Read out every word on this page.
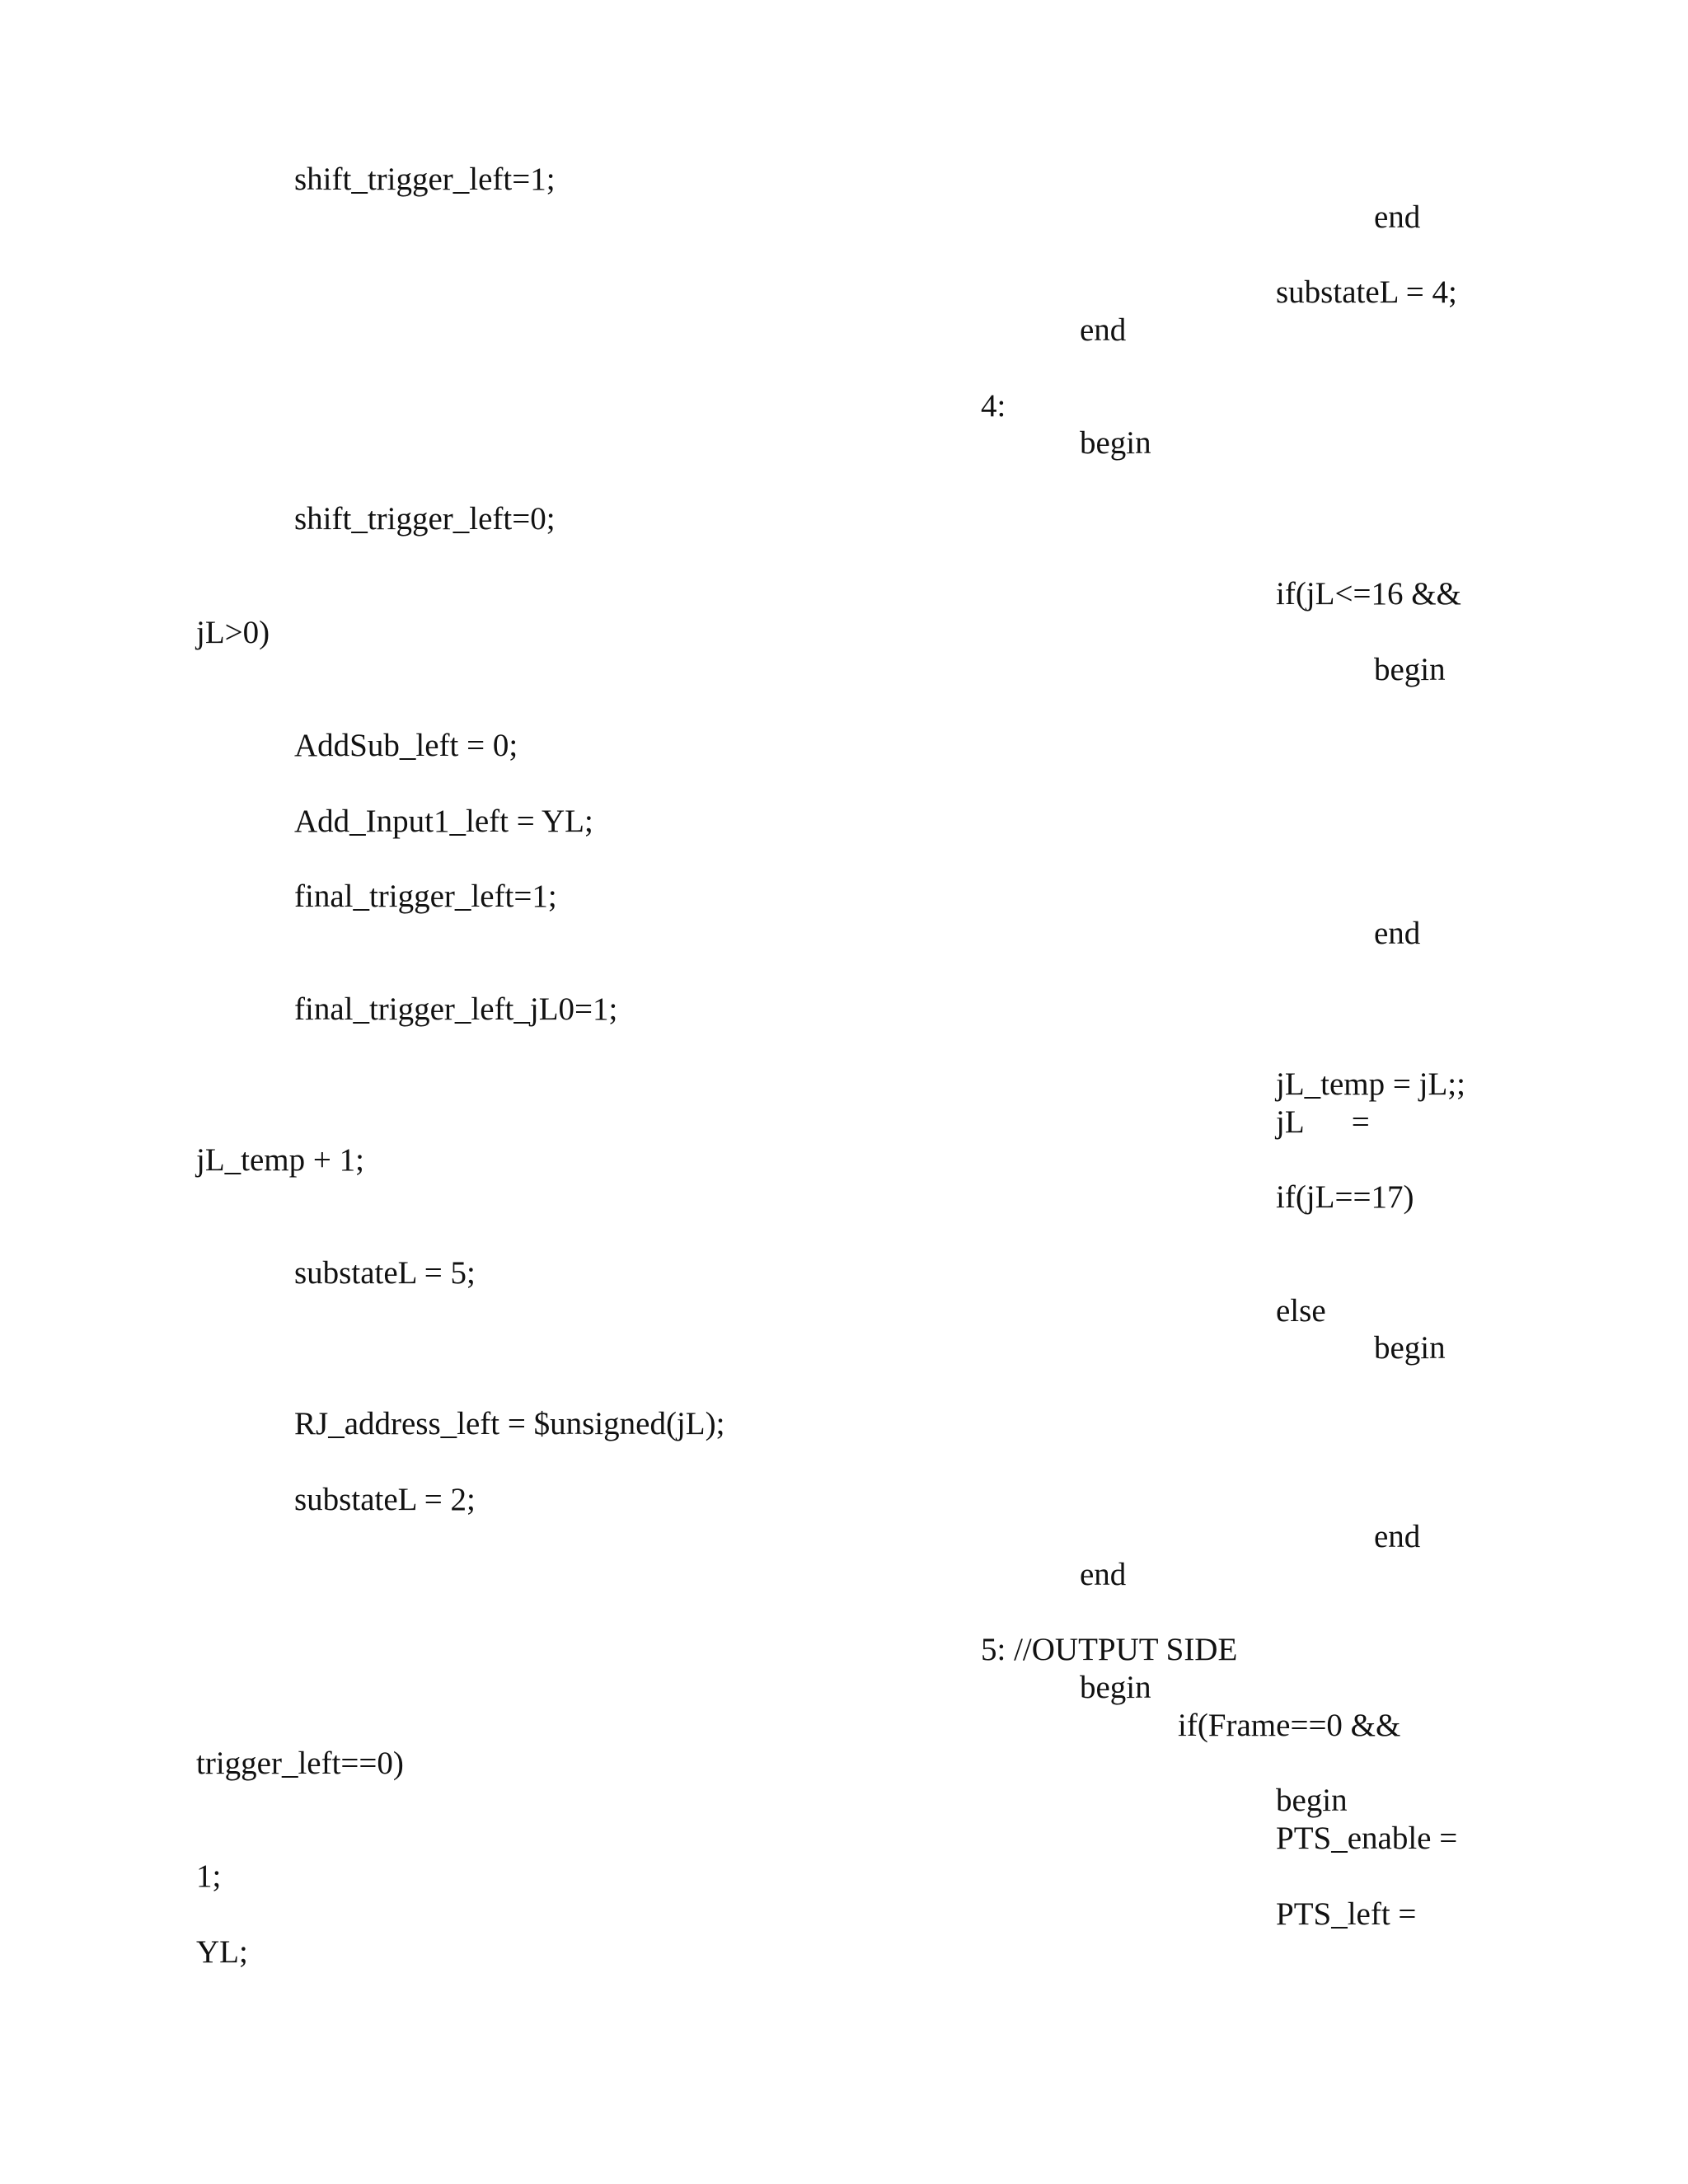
shift_trigger_left=1;

shift_trigger_left=0;

jL>0)

AddSub_left = 0;

Add_Input1_left = YL;

final_trigger_left=1;

final_trigger_left_jL0=1;

jL_temp + 1;

substateL = 5;

RJ_address_left = $unsigned(jL);

substateL = 2;

trigger_left==0)

1;

YL;

end

substateL = 4;

end

4:

begin

if(jL<=16 &&

begin

end

jL_temp = jL;;

jL      =

if(jL==17)

else

begin

end

end

5: //OUTPUT SIDE

begin

if(Frame==0 &&

begin

PTS_enable =

PTS_left =
